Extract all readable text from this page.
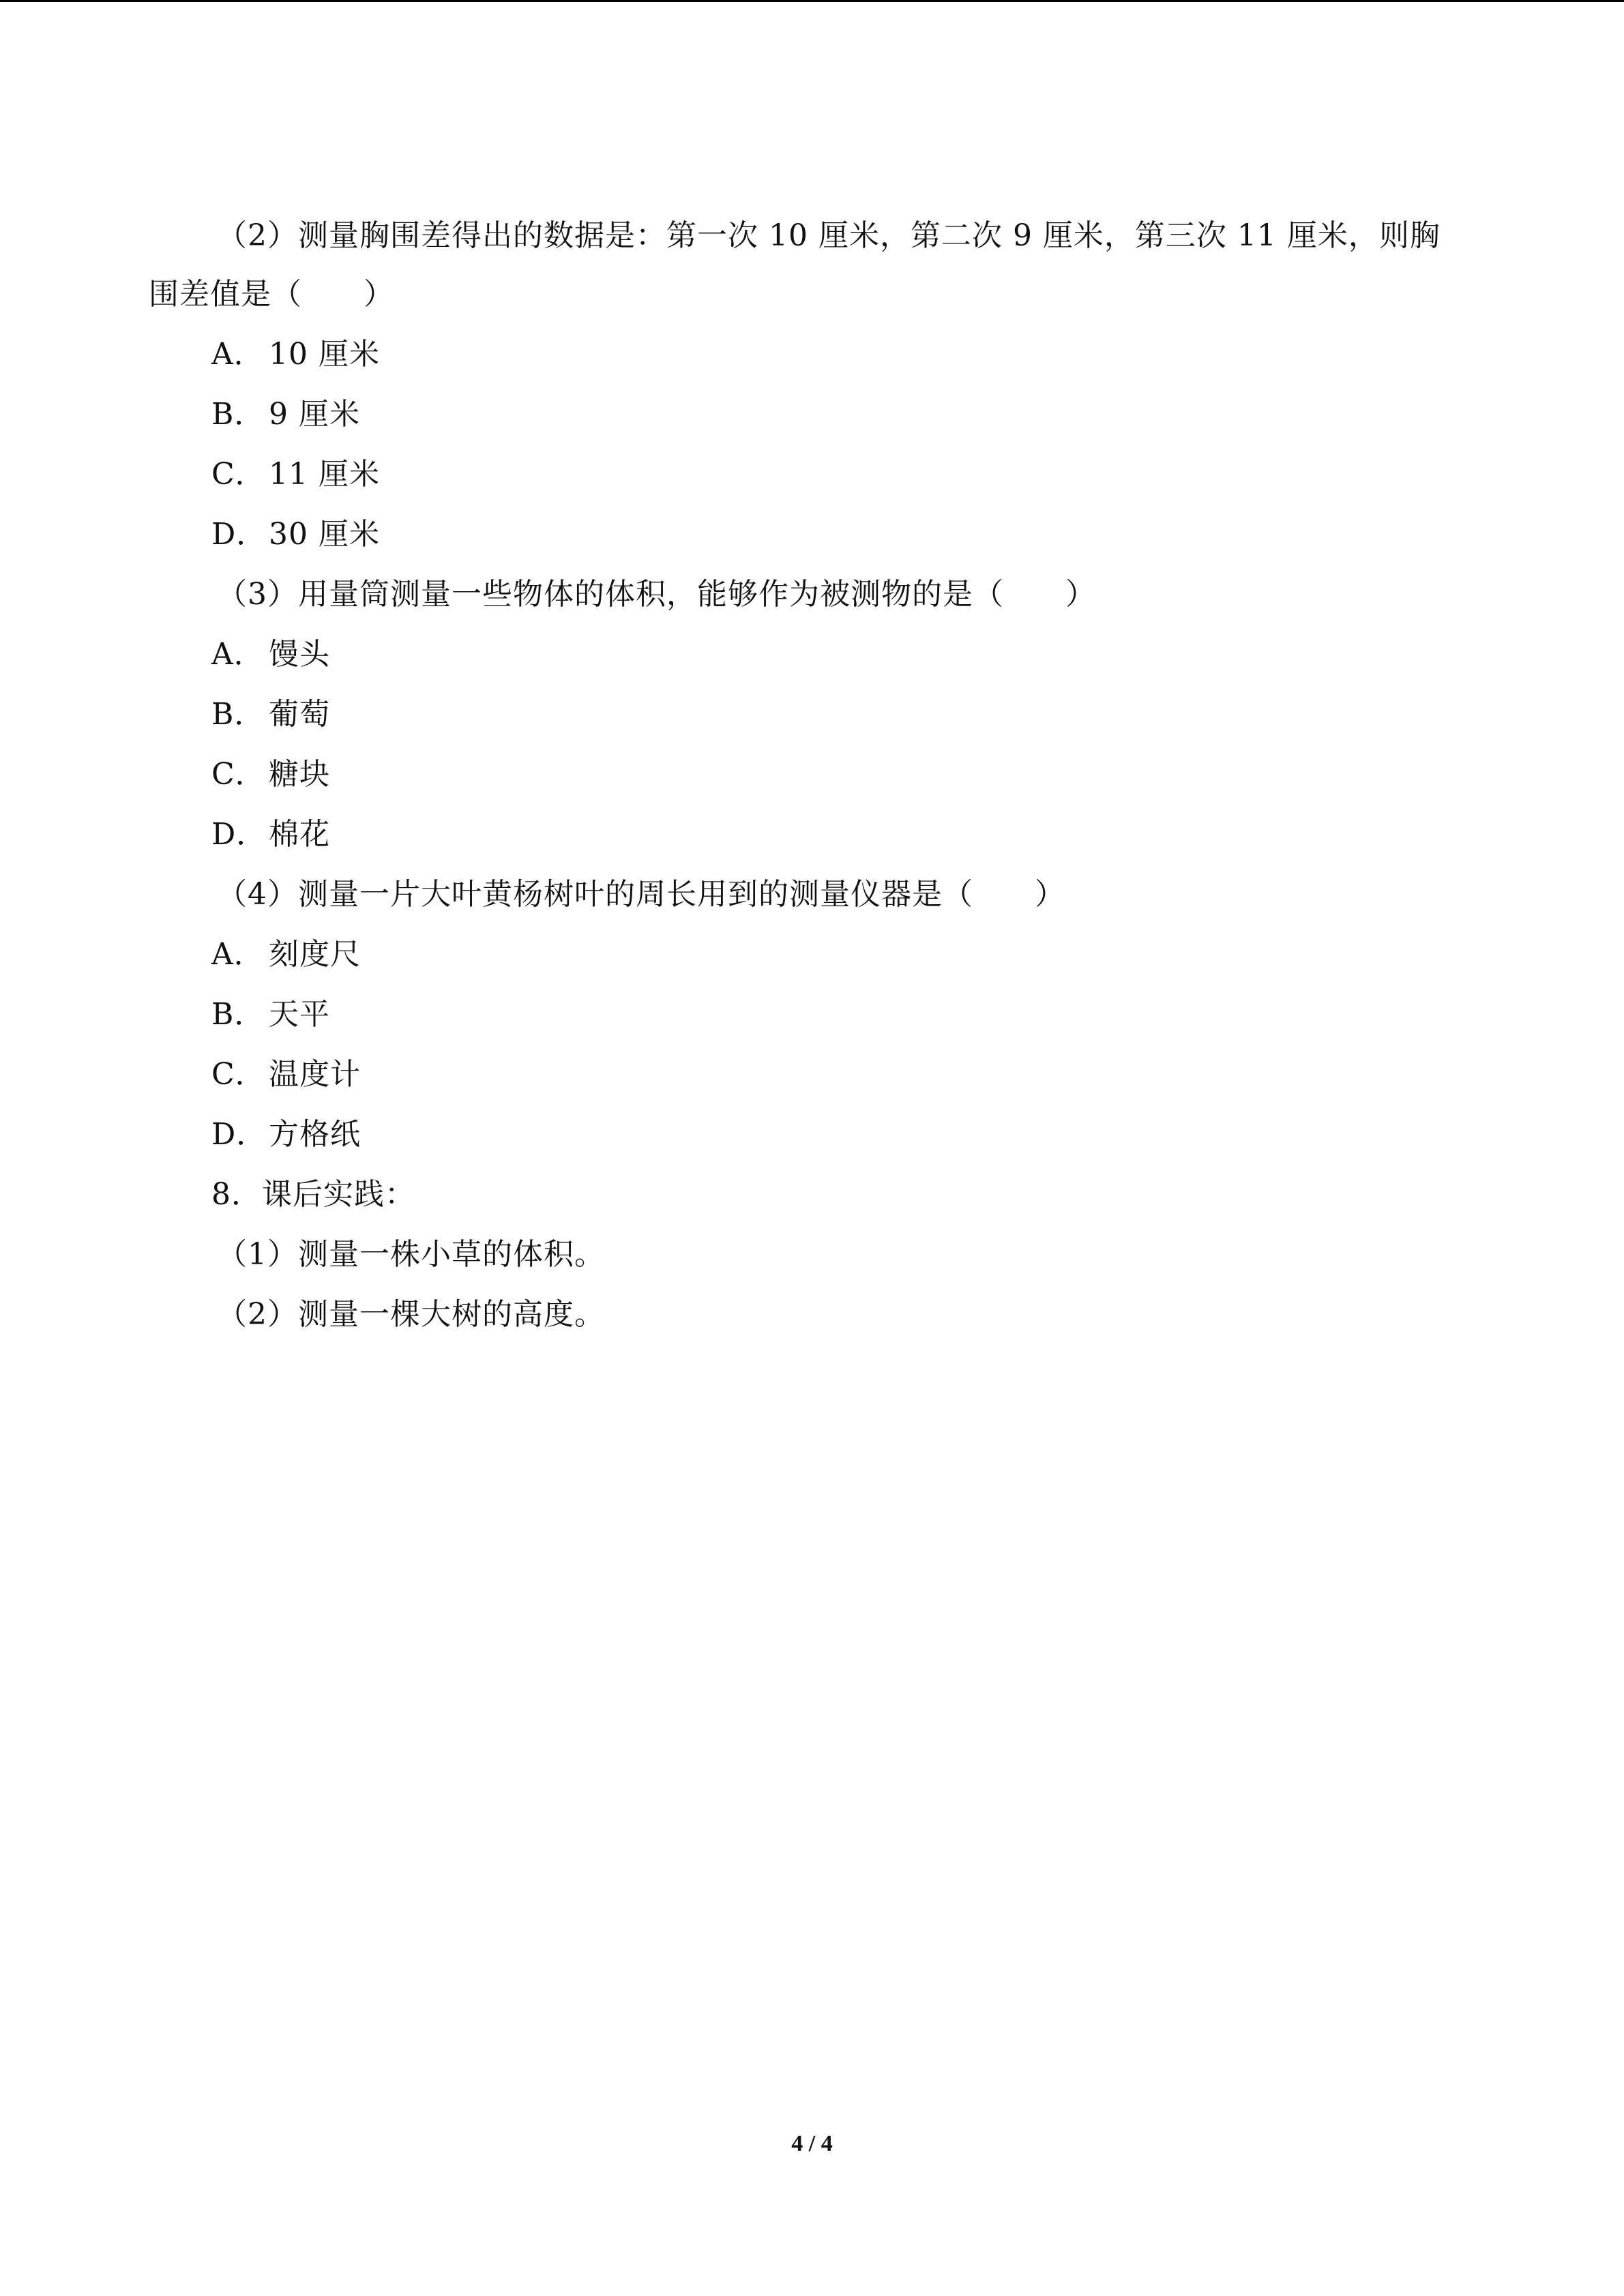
（2）测量胸围差得出的数据是：第一次 10 厘米，第二次 9 厘米，第三次 11 厘米，则胸
围差值是（　　）
A． 10 厘米
B． 9 厘米
C．11 厘米
D．30 厘米
（3）用量筒测量一些物体的体积，能够作为被测物的是（　　）
A． 馒头
B． 葡萄
C．糖块
D．棉花
（4）测量一片大叶黄杨树叶的周长用到的测量仪器是（　　）
A． 刻度尺
B． 天平
C．温度计
D．方格纸
8．课后实践：
（1）测量一株小草的体积。
（2）测量一棵大树的高度。
4 / 4
